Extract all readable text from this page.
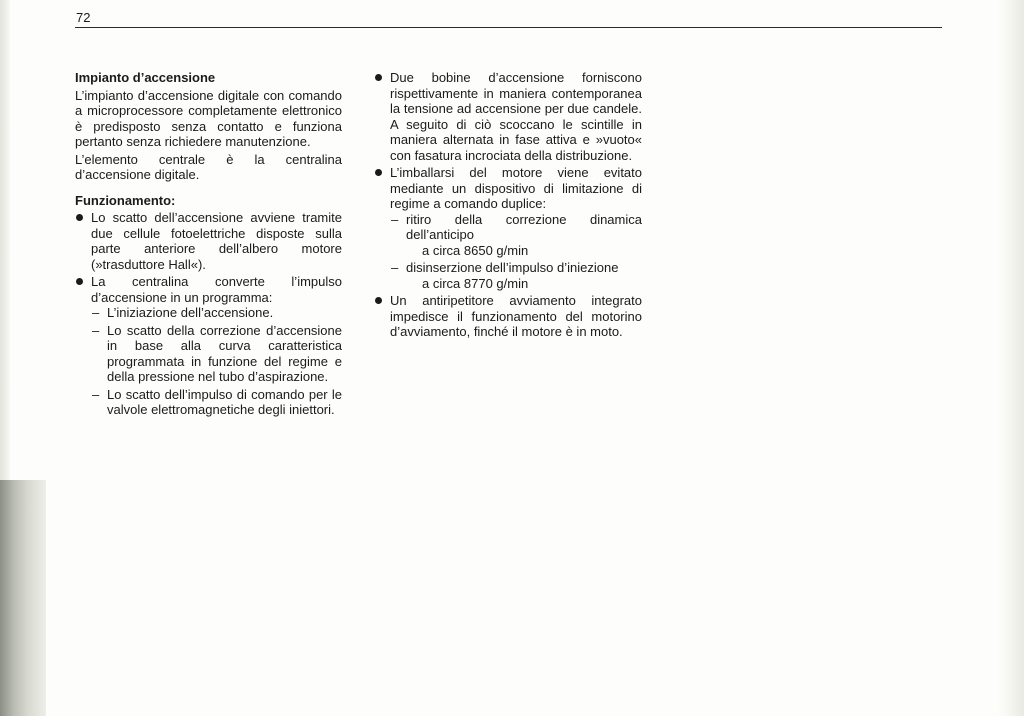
72
Impianto d’accensione

L’impianto d’accensione digitale con comando a microprocessore completamente elettronico è predisposto senza contatto e funziona pertanto senza richiedere manutenzione.

L’elemento centrale è la centralina d’accensione digitale.

Funzionamento:
Lo scatto dell’accensione avviene tramite due cellule fotoelettriche disposte sulla parte anteriore dell’albero motore (»trasduttore Hall«).
La centralina converte l’impulso d’accensione in un programma:
– L’iniziazione dell’accensione.
– Lo scatto della correzione d’accensione in base alla curva caratteristica programmata in funzione del regime e della pressione nel tubo d’aspirazione.
– Lo scatto dell’impulso di comando per le valvole elettromagnetiche degli iniettori.
Due bobine d’accensione forniscono rispettivamente in maniera contemporanea la tensione ad accensione per due candele. A seguito di ciò scoccano le scintille in maniera alternata in fase attiva e »vuoto« con fasatura incrociata della distribuzione.
L’imballarsi del motore viene evitato mediante un dispositivo di limitazione di regime a comando duplice:
– ritiro della correzione dinamica dell’anticipo
a circa 8650 g/min
– disinserzione dell’impulso d’iniezione
a circa 8770 g/min
Un antiripetitore avviamento integrato impedisce il funzionamento del motorino d’avviamento, finché il motore è in moto.
